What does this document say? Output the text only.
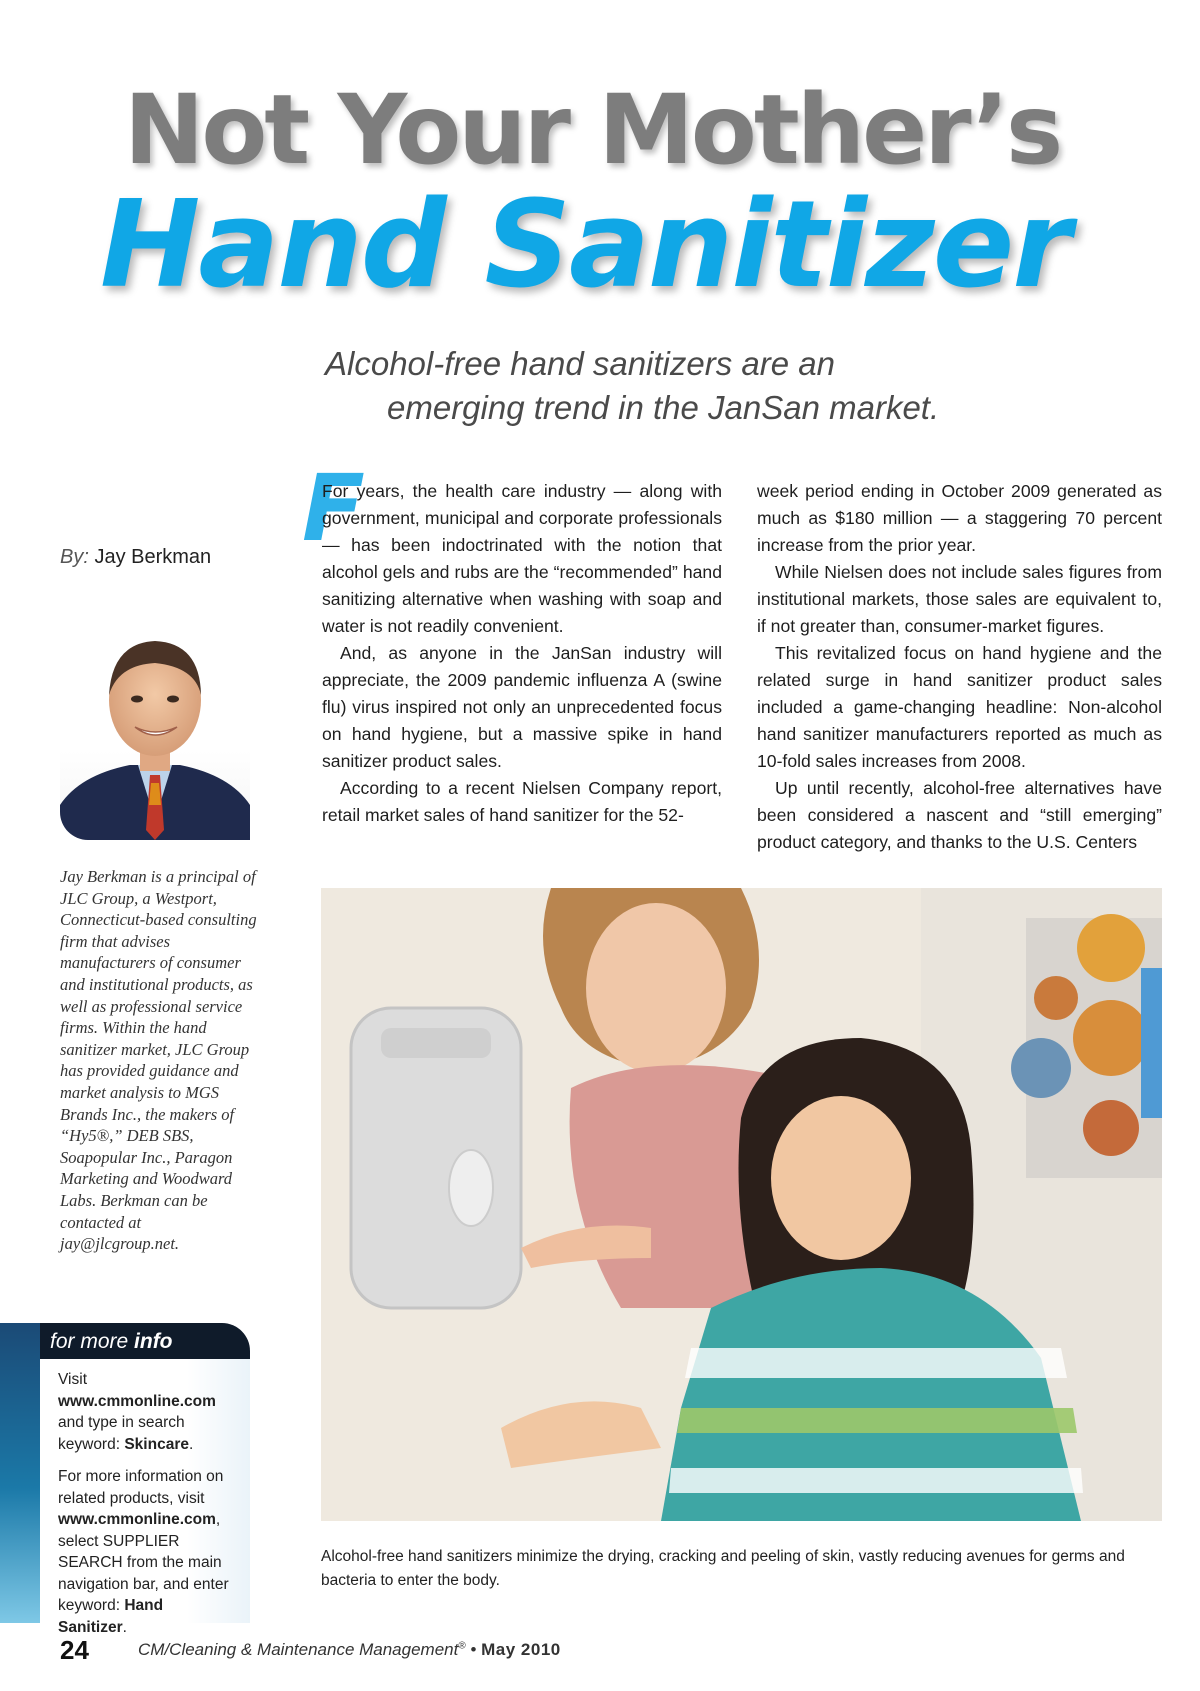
Not Your Mother’s
Hand Sanitizer
Alcohol-free hand sanitizers are an
emerging trend in the JanSan market.
By: Jay Berkman
Jay Berkman is a principal of JLC Group, a Westport, Connecticut-based consulting firm that advises manufacturers of consumer and institutional products, as well as professional service firms. Within the hand sanitizer market, JLC Group has provided guidance and market analysis to MGS Brands Inc., the makers of “Hy5®,” DEB SBS, Soapopular Inc., Paragon Marketing and Woodward Labs. Berkman can be contacted at jay@jlcgroup.net.
for more info

Visit www.cmmonline.com and type in search keyword: Skincare.

For more information on related products, visit www.cmmonline.com, select SUPPLIER SEARCH from the main navigation bar, and enter keyword: Hand Sanitizer.

F

For years, the health care industry — along with government, municipal and corporate professionals — has been indoctrinated with the notion that alcohol gels and rubs are the “recommended” hand sanitizing alternative when washing with soap and water is not readily convenient.

And, as anyone in the JanSan industry will appreciate, the 2009 pandemic influenza A (swine flu) virus inspired not only an unprecedented focus on hand hygiene, but a massive spike in hand sanitizer product sales.

According to a recent Nielsen Company report, retail market sales of hand sanitizer for the 52-

week period ending in October 2009 generated as much as $180 million — a staggering 70 percent increase from the prior year.

While Nielsen does not include sales figures from institutional markets, those sales are equivalent to, if not greater than, consumer-market figures.

This revitalized focus on hand hygiene and the related surge in hand sanitizer product sales included a game-changing headline: Non-alcohol hand sanitizer manufacturers reported as much as 10-fold sales increases from 2008.

Up until recently, alcohol-free alternatives have been considered a nascent and “still emerging” product category, and thanks to the U.S. Centers

Image courtesy of GOJO Industries Inc.
Alcohol-free hand sanitizers minimize the drying, cracking and peeling of skin, vastly reducing avenues for germs and bacteria to enter the body.
24	CM/Cleaning & Maintenance Management® • May 2010
